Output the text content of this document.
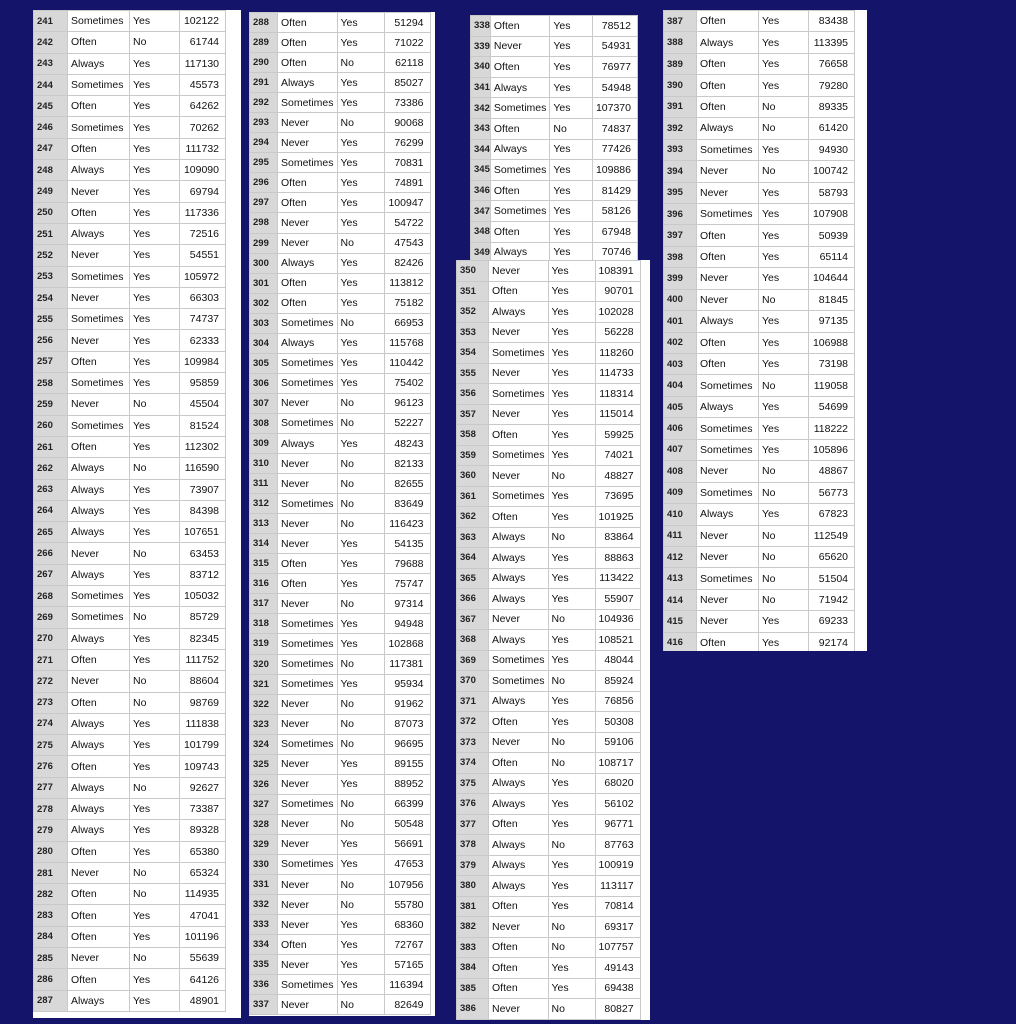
241	Sometimes	Yes	102122
242	Often	No	61744
243	Always	Yes	117130
244	Sometimes	Yes	45573
245	Often	Yes	64262
246	Sometimes	Yes	70262
247	Often	Yes	111732
248	Always	Yes	109090
249	Never	Yes	69794
250	Often	Yes	117336
251	Always	Yes	72516
252	Never	Yes	54551
253	Sometimes	Yes	105972
254	Never	Yes	66303
255	Sometimes	Yes	74737
256	Never	Yes	62333
257	Often	Yes	109984
258	Sometimes	Yes	95859
259	Never	No	45504
260	Sometimes	Yes	81524
261	Often	Yes	112302
262	Always	No	116590
263	Always	Yes	73907
264	Always	Yes	84398
265	Always	Yes	107651
266	Never	No	63453
267	Always	Yes	83712
268	Sometimes	Yes	105032
269	Sometimes	No	85729
270	Always	Yes	82345
271	Often	Yes	111752
272	Never	No	88604
273	Often	No	98769
274	Always	Yes	111838
275	Always	Yes	101799
276	Often	Yes	109743
277	Always	No	92627
278	Always	Yes	73387
279	Always	Yes	89328
280	Often	Yes	65380
281	Never	No	65324
282	Often	No	114935
283	Often	Yes	47041
284	Often	Yes	101196
285	Never	No	55639
286	Often	Yes	64126
287	Always	Yes	48901
288	Often	Yes	51294
289	Often	Yes	71022
290	Often	No	62118
291	Always	Yes	85027
292	Sometimes	Yes	73386
293	Never	No	90068
294	Never	Yes	76299
295	Sometimes	Yes	70831
296	Often	Yes	74891
297	Often	Yes	100947
298	Never	Yes	54722
299	Never	No	47543
300	Always	Yes	82426
301	Often	Yes	113812
302	Often	Yes	75182
303	Sometimes	No	66953
304	Always	Yes	115768
305	Sometimes	Yes	110442
306	Sometimes	Yes	75402
307	Never	No	96123
308	Sometimes	No	52227
309	Always	Yes	48243
310	Never	No	82133
311	Never	No	82655
312	Sometimes	No	83649
313	Never	No	116423
314	Never	Yes	54135
315	Often	Yes	79688
316	Often	Yes	75747
317	Never	No	97314
318	Sometimes	Yes	94948
319	Sometimes	Yes	102868
320	Sometimes	No	117381
321	Sometimes	Yes	95934
322	Never	No	91962
323	Never	No	87073
324	Sometimes	No	96695
325	Never	Yes	89155
326	Never	Yes	88952
327	Sometimes	No	66399
328	Never	No	50548
329	Never	Yes	56691
330	Sometimes	Yes	47653
331	Never	No	107956
332	Never	No	55780
333	Never	Yes	68360
334	Often	Yes	72767
335	Never	Yes	57165
336	Sometimes	Yes	116394
337	Never	No	82649
338	Often	Yes	78512
339	Never	Yes	54931
340	Often	Yes	76977
341	Always	Yes	54948
342	Sometimes	Yes	107370
343	Often	No	74837
344	Always	Yes	77426
345	Sometimes	Yes	109886
346	Often	Yes	81429
347	Sometimes	Yes	58126
348	Often	Yes	67948
349	Always	Yes	70746
350	Never	Yes	108391
351	Often	Yes	90701
352	Always	Yes	102028
353	Never	Yes	56228
354	Sometimes	Yes	118260
355	Never	Yes	114733
356	Sometimes	Yes	118314
357	Never	Yes	115014
358	Often	Yes	59925
359	Sometimes	Yes	74021
360	Never	No	48827
361	Sometimes	Yes	73695
362	Often	Yes	101925
363	Always	No	83864
364	Always	Yes	88863
365	Always	Yes	113422
366	Always	Yes	55907
367	Never	No	104936
368	Always	Yes	108521
369	Sometimes	Yes	48044
370	Sometimes	No	85924
371	Always	Yes	76856
372	Often	Yes	50308
373	Never	No	59106
374	Often	No	108717
375	Always	Yes	68020
376	Always	Yes	56102
377	Often	Yes	96771
378	Always	No	87763
379	Always	Yes	100919
380	Always	Yes	113117
381	Often	Yes	70814
382	Never	No	69317
383	Often	No	107757
384	Often	Yes	49143
385	Often	Yes	69438
386	Never	No	80827
387	Often	Yes	83438
388	Always	Yes	113395
389	Often	Yes	76658
390	Often	Yes	79280
391	Often	No	89335
392	Always	No	61420
393	Sometimes	Yes	94930
394	Never	No	100742
395	Never	Yes	58793
396	Sometimes	Yes	107908
397	Often	Yes	50939
398	Often	Yes	65114
399	Never	Yes	104644
400	Never	No	81845
401	Always	Yes	97135
402	Often	Yes	106988
403	Often	Yes	73198
404	Sometimes	No	119058
405	Always	Yes	54699
406	Sometimes	Yes	118222
407	Sometimes	Yes	105896
408	Never	No	48867
409	Sometimes	No	56773
410	Always	Yes	67823
411	Never	No	112549
412	Never	No	65620
413	Sometimes	No	51504
414	Never	No	71942
415	Never	Yes	69233
416	Often	Yes	92174
